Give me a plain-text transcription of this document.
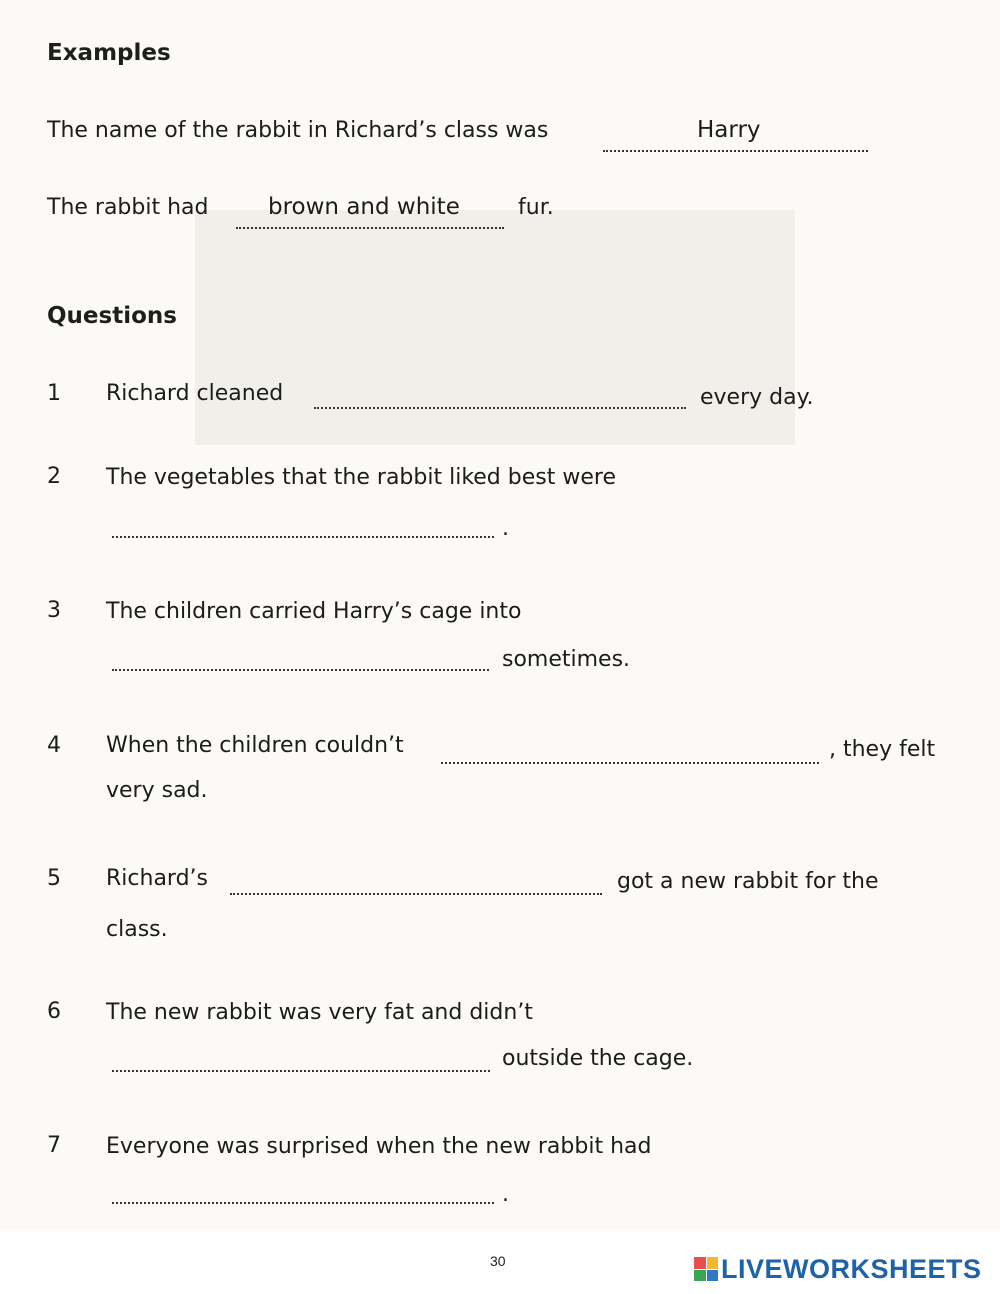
Examples
The name of the rabbit in Richard’s class was	Harry
The rabbit had	brown and white	fur.
Questions
1 Richard cleaned	every day.
2 The vegetables that the rabbit liked best were
.
3 The children carried Harry’s cage into
sometimes.
4 When the children couldn’t	, they felt
very sad.
5 Richard’s	got a new rabbit for the
class.
6 The new rabbit was very fat and didn’t
outside the cage.
7 Everyone was surprised when the new rabbit had
.
30	LIVEWORKSHEETS
